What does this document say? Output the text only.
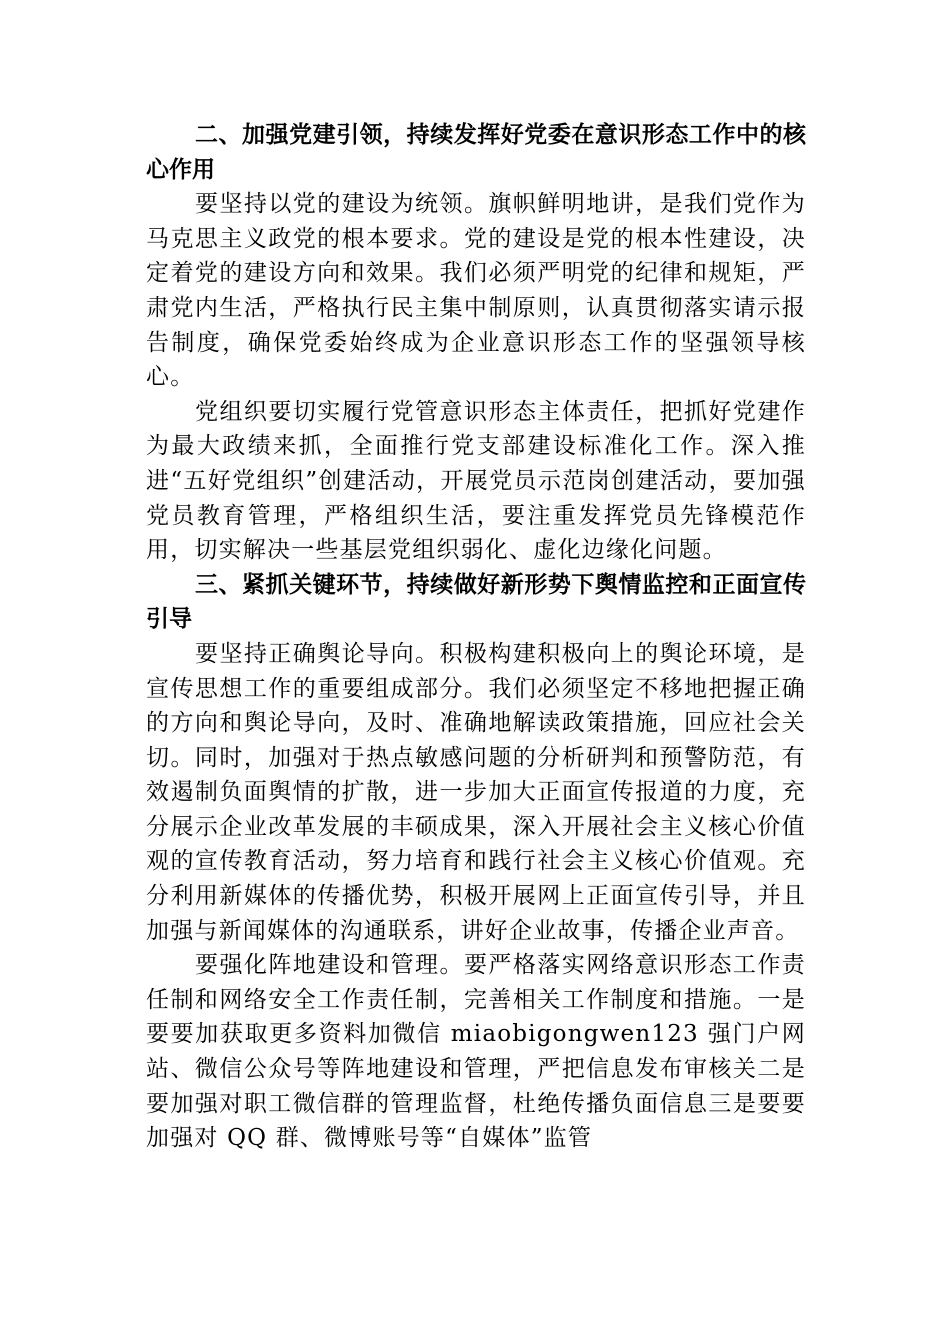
二、加强党建引领，持续发挥好党委在意识形态工作中的核心作用

要坚持以党的建设为统领。旗帜鲜明地讲，是我们党作为马克思主义政党的根本要求。党的建设是党的根本性建设，决定着党的建设方向和效果。我们必须严明党的纪律和规矩，严肃党内生活，严格执行民主集中制原则，认真贯彻落实请示报告制度，确保党委始终成为企业意识形态工作的坚强领导核心。

党组织要切实履行党管意识形态主体责任，把抓好党建作为最大政绩来抓，全面推行党支部建设标准化工作。深入推进“五好党组织”创建活动，开展党员示范岗创建活动，要加强党员教育管理，严格组织生活，要注重发挥党员先锋模范作用，切实解决一些基层党组织弱化、虚化边缘化问题。

三、紧抓关键环节，持续做好新形势下舆情监控和正面宣传引导

要坚持正确舆论导向。积极构建积极向上的舆论环境，是宣传思想工作的重要组成部分。我们必须坚定不移地把握正确的方向和舆论导向，及时、准确地解读政策措施，回应社会关切。同时，加强对于热点敏感问题的分析研判和预警防范，有效遏制负面舆情的扩散，进一步加大正面宣传报道的力度，充分展示企业改革发展的丰硕成果，深入开展社会主义核心价值观的宣传教育活动，努力培育和践行社会主义核心价值观。充分利用新媒体的传播优势，积极开展网上正面宣传引导，并且加强与新闻媒体的沟通联系，讲好企业故事，传播企业声音。

要强化阵地建设和管理。要严格落实网络意识形态工作责任制和网络安全工作责任制，完善相关工作制度和措施。一是要要加获取更多资料加微信 miaobigongwen123 强门户网站、微信公众号等阵地建设和管理，严把信息发布审核关二是要加强对职工微信群的管理监督，杜绝传播负面信息三是要要加强对 QQ 群、微博账号等“自媒体”监管
